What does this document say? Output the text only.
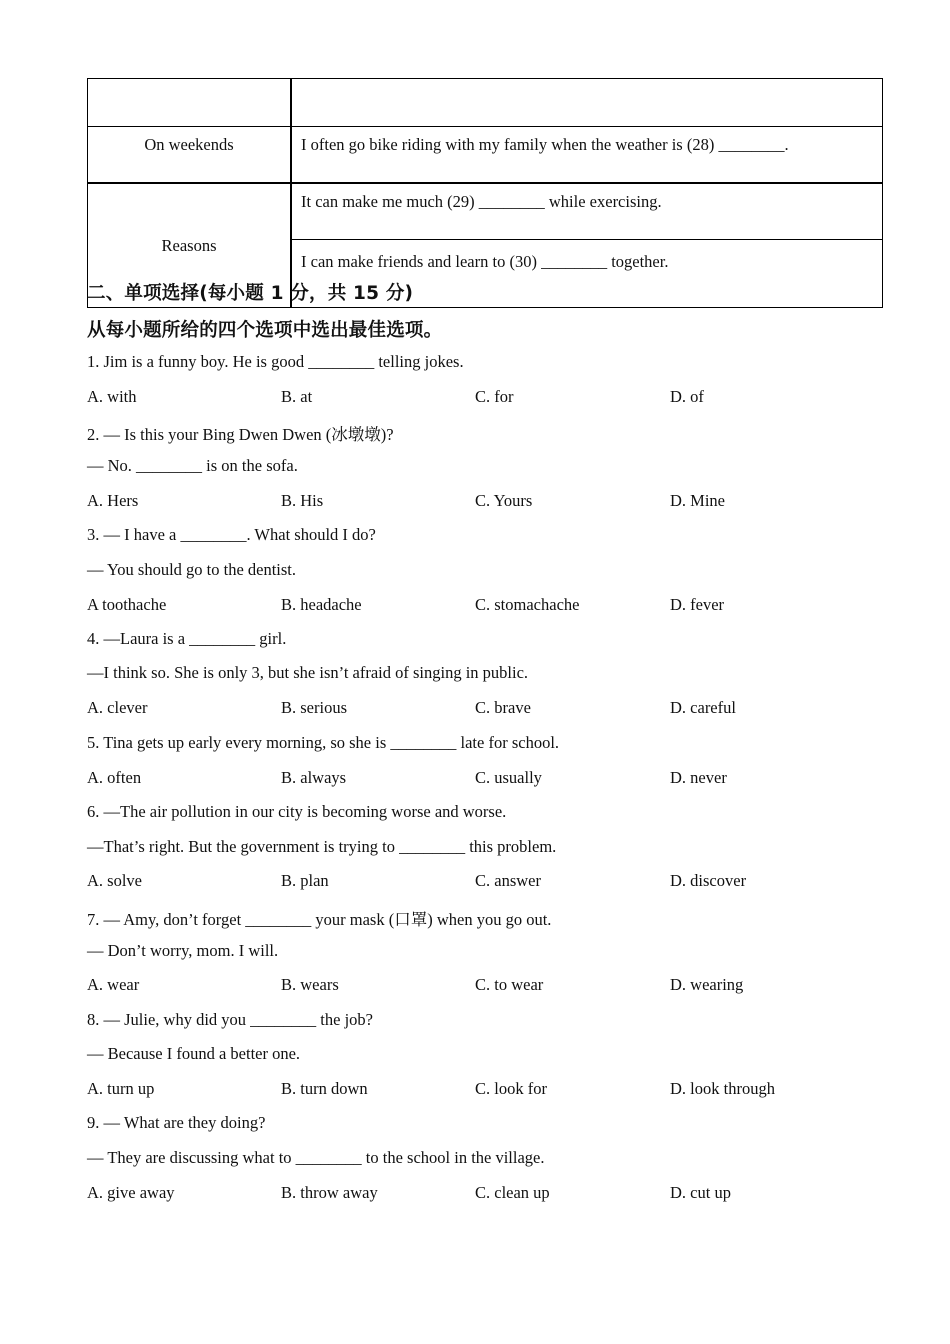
On weekends	I often go bike riding with my family when the weather is (28) ________.
Reasons	It can make me much (29) ________ while exercising.
	I can make friends and learn to (30) ________ together.
二、单项选择(每小题 1 分，共 15 分)
从每小题所给的四个选项中选出最佳选项。
1. Jim is a funny boy. He is good ________ telling jokes.
A. with	B. at	C. for	D. of
2. — Is this your Bing Dwen Dwen (冰墩墩)?
— No. ________ is on the sofa.
A. Hers	B. His	C. Yours	D. Mine
3. — I have a ________. What should I do?
— You should go to the dentist.
A toothache	B. headache	C. stomachache	D. fever
4. —Laura is a ________ girl.
—I think so. She is only 3, but she isn’t afraid of singing in public.
A. clever	B. serious	C. brave	D. careful
5. Tina gets up early every morning, so she is ________ late for school.
A. often	B. always	C. usually	D. never
6. —The air pollution in our city is becoming worse and worse.
—That’s right. But the government is trying to ________ this problem.
A. solve	B. plan	C. answer	D. discover
7. — Amy, don’t forget ________ your mask (口罩) when you go out.
— Don’t worry, mom. I will.
A. wear	B. wears	C. to wear	D. wearing
8. — Julie, why did you ________ the job?
— Because I found a better one.
A. turn up	B. turn down	C. look for	D. look through
9. — What are they doing?
— They are discussing what to ________ to the school in the village.
A. give away	B. throw away	C. clean up	D. cut up
